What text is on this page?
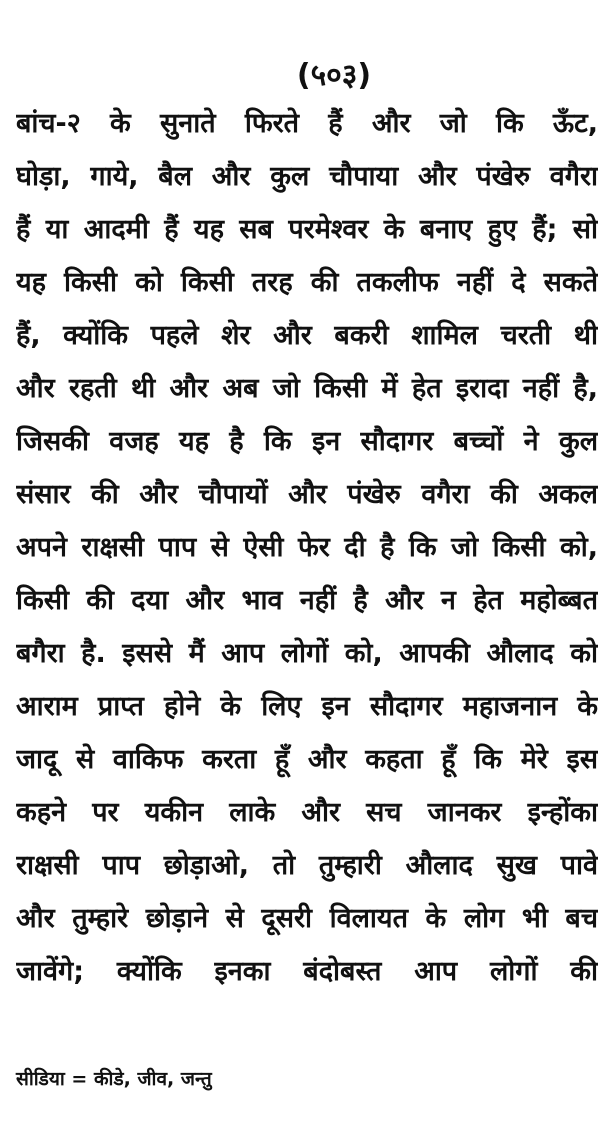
(५०३)
बांच-२ के सुनाते फिरते हैं और जो कि ऊँट,
घोड़ा, गाये, बैल और कुल चौपाया और पंखेरु वगैरा
हैं या आदमी हैं यह सब परमेश्वर के बनाए हुए हैं; सो
यह किसी को किसी तरह की तकलीफ नहीं दे सकते
हैं, क्योंकि पहले शेर और बकरी शामिल चरती थी
और रहती थी और अब जो किसी में हेत इरादा नहीं है,
जिसकी वजह यह है कि इन सौदागर बच्चों ने कुल
संसार की और चौपायों और पंखेरु वगैरा की अकल
अपने राक्षसी पाप से ऐसी फेर दी है कि जो किसी को,
किसी की दया और भाव नहीं है और न हेत महोब्बत
बगैरा है. इससे मैं आप लोगों को, आपकी औलाद को
आराम प्राप्त होने के लिए इन सौदागर महाजनान के
जादू से वाकिफ करता हूँ और कहता हूँ कि मेरे इस
कहने पर यकीन लाके और सच जानकर इन्होंका
राक्षसी पाप छोड़ाओ, तो तुम्हारी औलाद सुख पावे
और तुम्हारे छोड़ाने से दूसरी विलायत के लोग भी बच
जावेंगे; क्योंकि इनका बंदोबस्त आप लोगों की
सीडिया = कीडे, जीव, जन्तु
